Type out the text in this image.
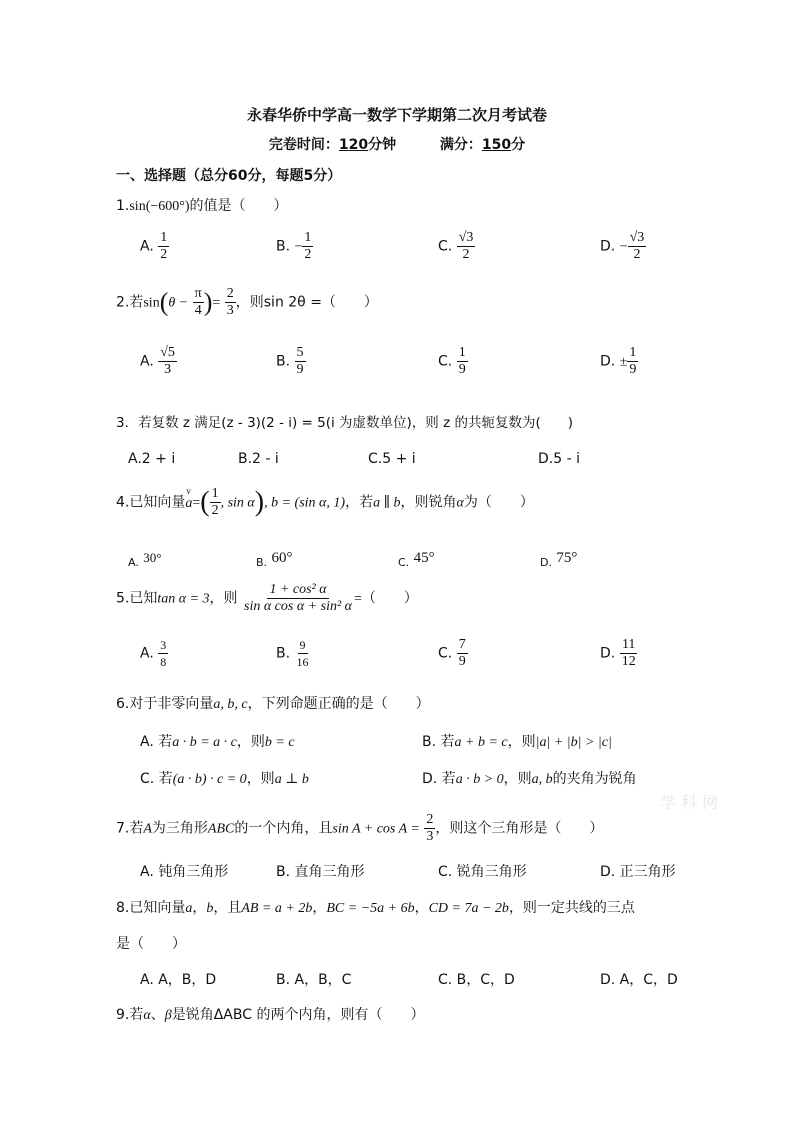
永春华侨中学高一数学下学期第二次月考试卷
完卷时间：120分钟	满分：150分
一、选择题（总分60分，每题5分）
1.sin(−600°)的值是（　　）
A. $\frac{1}{2}$	B. − $\frac{1}{2}$	C. $\frac{√3}{2}$	D. − $\frac{√3}{2}$
2.若$\sin(\theta - \frac{\pi}{4}$ )= $\frac{2}{3}$ ，则sin 2θ =（　　）
A. $\frac{√5}{3}$	B. $\frac{5}{9}$	C. $\frac{1}{9}$	D. ± $\frac{1}{9}$
3．若复数 z 满足(z - 3)(2 - i) = 5(i 为虚数单位)，则 z 的共轭复数为(　　)
A.2 + i	B.2 - i	C.5 + i	D.5 - i
4.已知向量v $a=( \frac{1}{2}$ , sin α), b = (sin α, 1)，若a ∥ b，则锐角α为（　　）
A. 30°	B. 60°	C. 45°	D. 75°
5.已知tan α = 3，则 $\frac{\text{1 + cos² α}}{\text{sin α cos α + sin² α}}$ =（　　）
A. $\frac{3}{8}$	B. $\frac{9}{16}$	C. $\frac{7}{9}$	D. $\frac{11}{12}$
6.对于非零向量a, b, c，下列命题正确的是（　　）
A. 若a · b = a · c，则b = c	B. 若a + b = c，则|a| + |b| > |c|
C. 若(a · b) · c = 0，则a ⊥ b	D. 若a · b > 0，则a, b的夹角为锐角
学 科 网
7.若A为三角形ABC的一个内角，且$\sin A + \cos A = \frac{2}{3}$ ，则这个三角形是（　　）
A. 钝角三角形	B. 直角三角形	C. 锐角三角形	D. 正三角形
8.已知向量a，b，且AB = a + 2b，BC = −5a + 6b，CD = 7a − 2b，则一定共线的三点
是（　　）
A. A，B，D	B. A，B，C	C. B，C，D	D. A，C，D
9.若α、β是锐角ΔABC 的两个内角，则有（　　）
